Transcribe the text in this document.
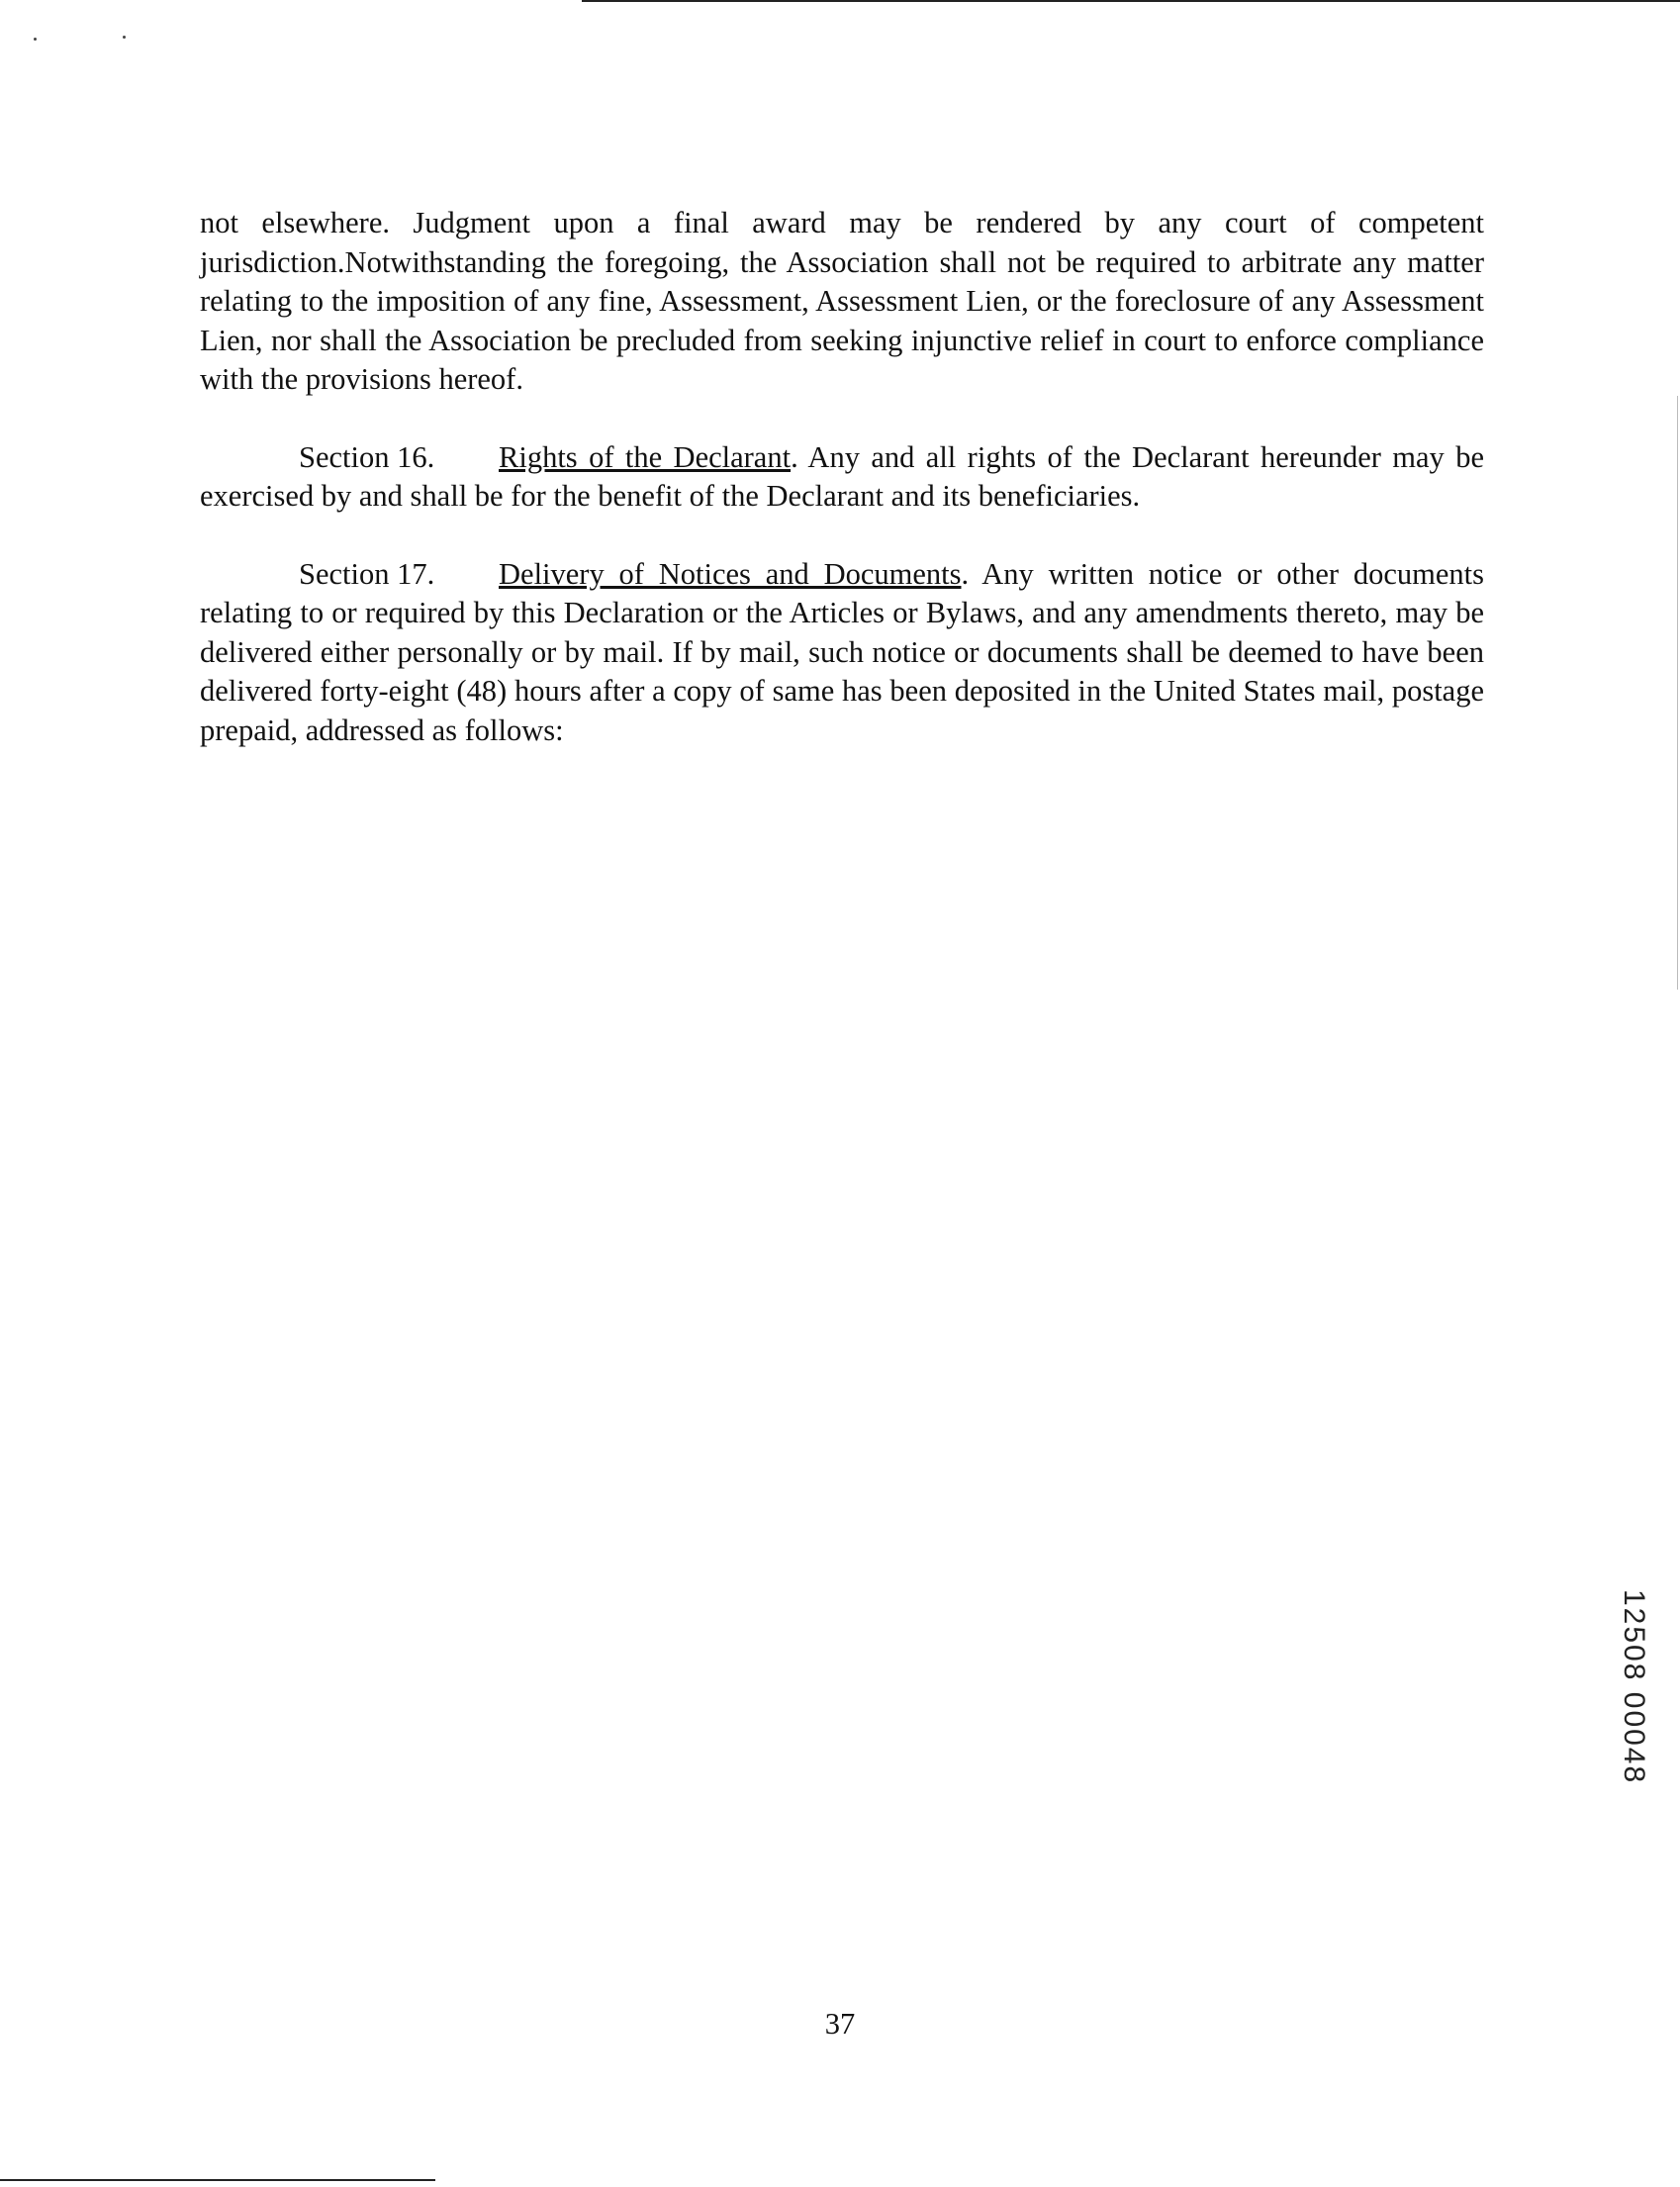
not elsewhere. Judgment upon a final award may be rendered by any court of competent jurisdiction.Notwithstanding the foregoing, the Association shall not be required to arbitrate any matter relating to the imposition of any fine, Assessment, Assessment Lien, or the foreclosure of any Assessment Lien, nor shall the Association be precluded from seeking injunctive relief in court to enforce compliance with the provisions hereof.

Section 16. Rights of the Declarant. Any and all rights of the Declarant hereunder may be exercised by and shall be for the benefit of the Declarant and its beneficiaries.

Section 17. Delivery of Notices and Documents. Any written notice or other documents relating to or required by this Declaration or the Articles or Bylaws, and any amendments thereto, may be delivered either personally or by mail. If by mail, such notice or documents shall be deemed to have been delivered forty-eight (48) hours after a copy of same has been deposited in the United States mail, postage prepaid, addressed as follows:

37
12508 00048
